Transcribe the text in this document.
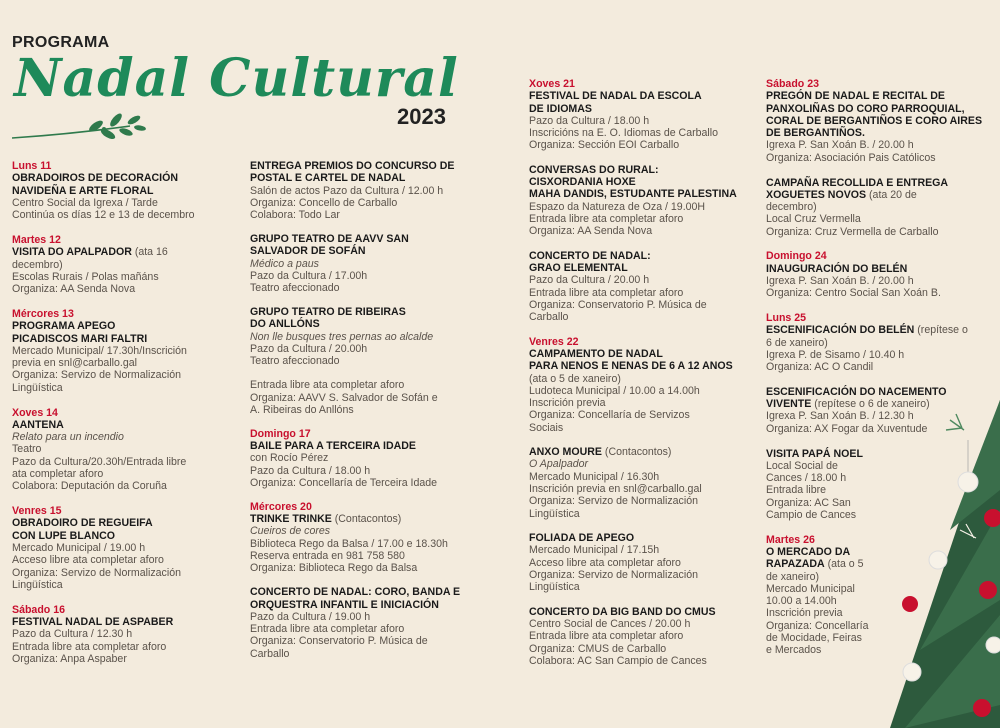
PROGRAMA
Nadal Cultural
2023
Luns 11
OBRADOIROS DE DECORACIÓN
NAVIDEÑA E ARTE FLORAL
Centro Social da Igrexa / Tarde
Continúa os días 12 e 13 de decembro
Martes 12
VISITA DO APALPADOR (ata 16
decembro)
Escolas Rurais / Polas mañáns
Organiza: AA Senda Nova
Mércores 13
PROGRAMA APEGO
PICADISCOS MARI FALTRI
Mercado Municipal/ 17.30h/Inscrición
previa en snl@carballo.gal
Organiza: Servizo de Normalización
Lingüística
Xoves 14
AANTENA
Relato para un incendio
Teatro
Pazo da Cultura/20.30h/Entrada libre
ata completar aforo
Colabora: Deputación da Coruña
Venres 15
OBRADOIRO DE REGUEIFA
CON LUPE BLANCO
Mercado Municipal / 19.00 h
Acceso libre ata completar aforo
Organiza: Servizo de Normalización
Lingüística
Sábado 16
FESTIVAL NADAL DE ASPABER
Pazo da Cultura / 12.30 h
Entrada libre ata completar aforo
Organiza: Anpa Aspaber
ENTREGA PREMIOS DO CONCURSO DE
POSTAL E CARTEL DE NADAL
Salón de actos Pazo da Cultura / 12.00 h
Organiza: Concello de Carballo
Colabora: Todo Lar
GRUPO TEATRO DE AAVV SAN
SALVADOR DE SOFÁN
Médico a paus
Pazo da Cultura / 17.00h
Teatro afeccionado
GRUPO TEATRO DE RIBEIRAS
DO ANLLÓNS
Non lle busques tres pernas ao alcalde
Pazo da Cultura / 20.00h
Teatro afeccionado
Entrada libre ata completar aforo
Organiza: AAVV S. Salvador de Sofán e
A. Ribeiras do Anllóns
Domingo 17
BAILE PARA A TERCEIRA IDADE
con Rocío Pérez
Pazo da Cultura / 18.00 h
Organiza: Concellaría de Terceira Idade
Mércores 20
TRINKE TRINKE (Contacontos)
Cueiros de cores
Biblioteca Rego da Balsa / 17.00 e 18.30h
Reserva entrada en 981 758 580
Organiza: Biblioteca Rego da Balsa
CONCERTO DE NADAL: CORO, BANDA E
ORQUESTRA INFANTIL E INICIACIÓN
Pazo da Cultura / 19.00 h
Entrada libre ata completar aforo
Organiza: Conservatorio P. Música de
Carballo
Xoves 21
FESTIVAL DE NADAL DA ESCOLA
DE IDIOMAS
Pazo da Cultura / 18.00 h
Inscricións na E. O. Idiomas de Carballo
Organiza: Sección EOI Carballo
CONVERSAS DO RURAL:
CISXORDANIA HOXE
MAHA DANDIS, ESTUDANTE PALESTINA
Espazo da Natureza de Oza / 19.00H
Entrada libre ata completar aforo
Organiza: AA Senda Nova
CONCERTO DE NADAL:
GRAO ELEMENTAL
Pazo da Cultura / 20.00 h
Entrada libre ata completar aforo
Organiza: Conservatorio P. Música de
Carballo
Venres 22
CAMPAMENTO DE NADAL
PARA NENOS E NENAS DE 6 A 12 ANOS
(ata o 5 de xaneiro)
Ludoteca Municipal / 10.00 a 14.00h
Inscrición previa
Organiza: Concellaría de Servizos
Sociais
ANXO MOURE (Contacontos)
O Apalpador
Mercado Municipal / 16.30h
Inscrición previa en snl@carballo.gal
Organiza: Servizo de Normalización
Lingüística
FOLIADA DE APEGO
Mercado Municipal / 17.15h
Acceso libre ata completar aforo
Organiza: Servizo de Normalización
Lingüística
CONCERTO DA BIG BAND DO CMUS
Centro Social de Cances / 20.00 h
Entrada libre ata completar aforo
Organiza: CMUS de Carballo
Colabora: AC San Campio de Cances
Sábado 23
PREGÓN DE NADAL E RECITAL DE
PANXOLIÑAS DO CORO PARROQUIAL,
CORAL DE BERGANTIÑOS E CORO AIRES
DE BERGANTIÑOS.
Igrexa P. San Xoán B. / 20.00 h
Organiza: Asociación Pais Católicos
CAMPAÑA RECOLLIDA E ENTREGA
XOGUETES NOVOS (ata 20 de
decembro)
Local Cruz Vermella
Organiza: Cruz Vermella de Carballo
Domingo 24
INAUGURACIÓN DO BELÉN
Igrexa P. San Xoán B. / 20.00 h
Organiza: Centro Social San Xoán B.
Luns 25
ESCENIFICACIÓN DO BELÉN (repítese o
6 de xaneiro)
Igrexa P. de Sisamo / 10.40 h
Organiza: AC O Candil
ESCENIFICACIÓN DO NACEMENTO
VIVENTE (repítese o 6 de xaneiro)
Igrexa P. San Xoán B. / 12.30 h
Organiza: AX Fogar da Xuventude
VISITA PAPÁ NOEL
Local Social de
Cances / 18.00 h
Entrada libre
Organiza: AC San
Campio de Cances
Martes 26
O MERCADO DA
RAPAZADA (ata o 5
de xaneiro)
Mercado Municipal
10.00 a 14.00h
Inscrición previa
Organiza: Concellaría
de Mocidade, Feiras
e Mercados
